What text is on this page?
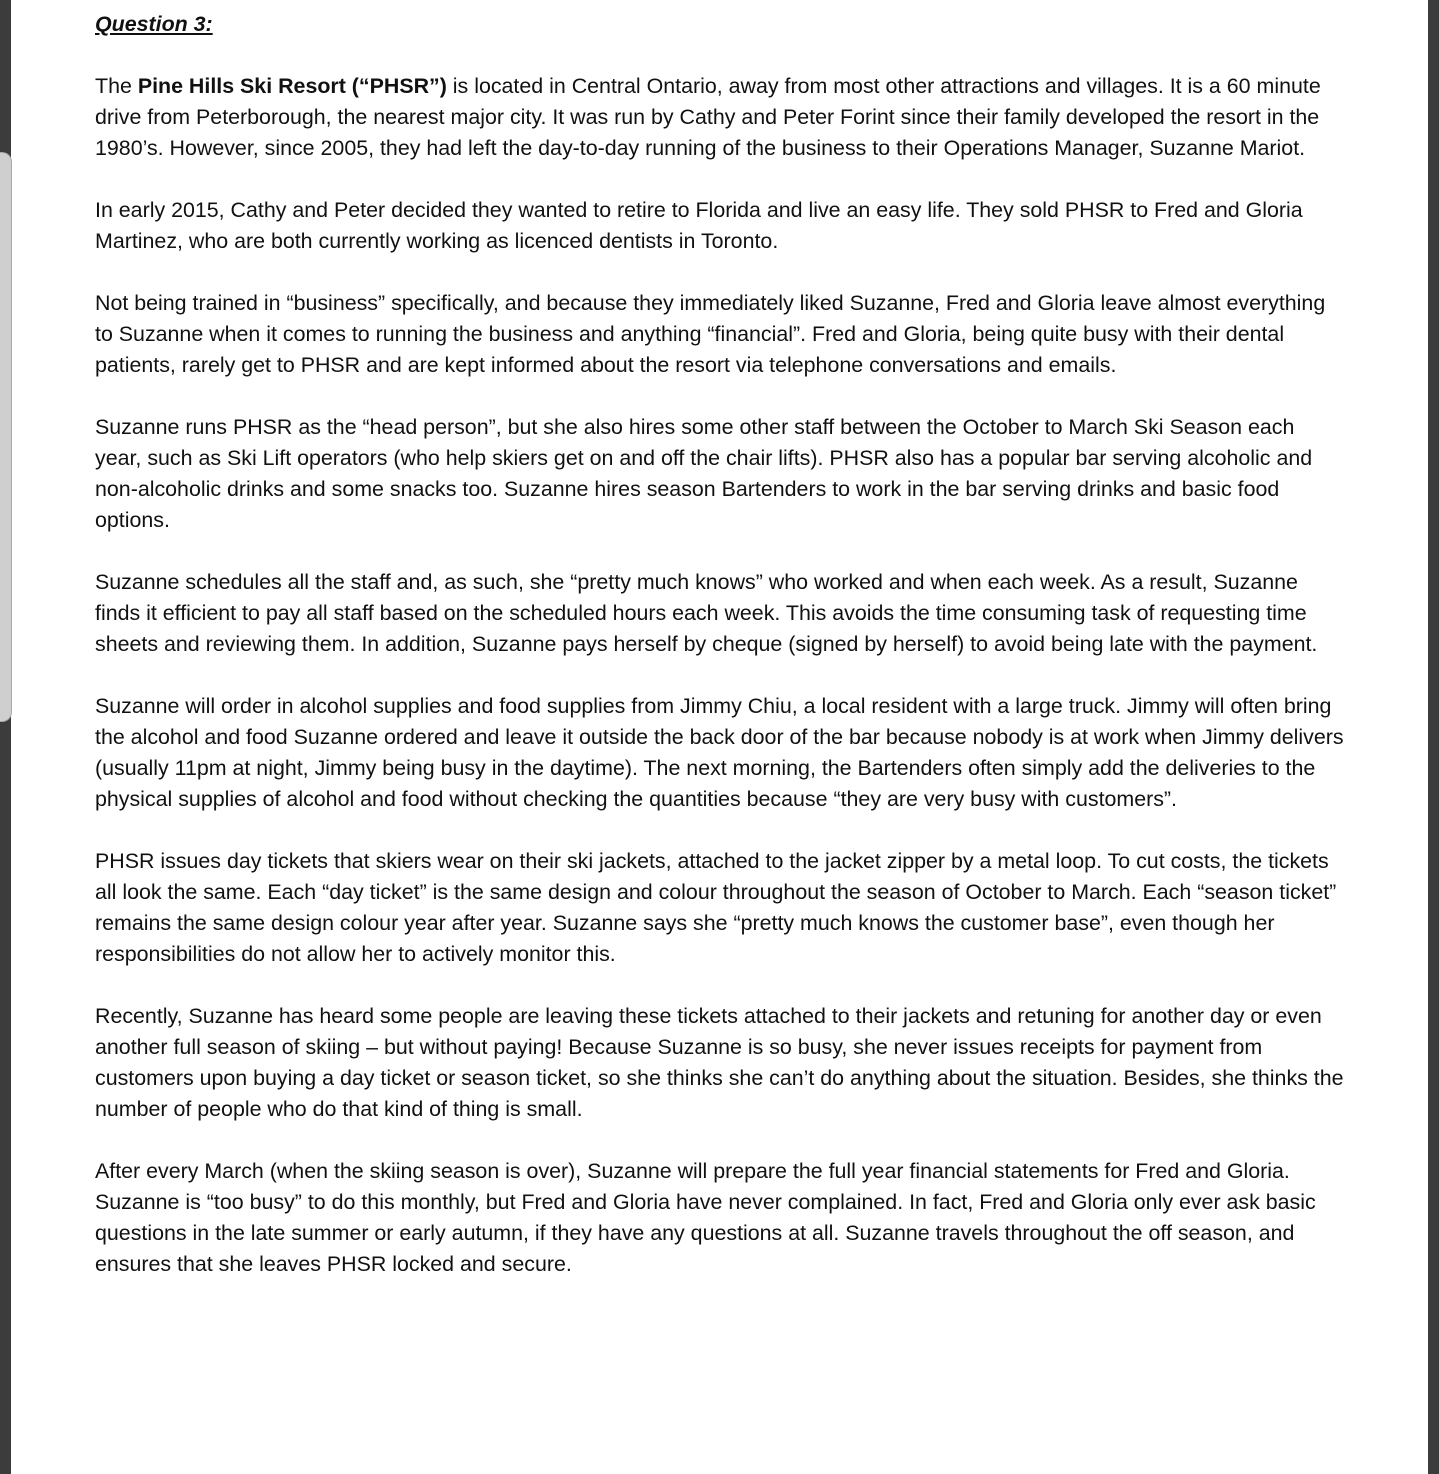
Question 3:
The Pine Hills Ski Resort (“PHSR”) is located in Central Ontario, away from most other attractions and villages. It is a 60 minute drive from Peterborough, the nearest major city. It was run by Cathy and Peter Forint since their family developed the resort in the 1980’s. However, since 2005, they had left the day-to-day running of the business to their Operations Manager, Suzanne Mariot.
In early 2015, Cathy and Peter decided they wanted to retire to Florida and live an easy life. They sold PHSR to Fred and Gloria Martinez, who are both currently working as licenced dentists in Toronto.
Not being trained in “business” specifically, and because they immediately liked Suzanne, Fred and Gloria leave almost everything to Suzanne when it comes to running the business and anything “financial”. Fred and Gloria, being quite busy with their dental patients, rarely get to PHSR and are kept informed about the resort via telephone conversations and emails.
Suzanne runs PHSR as the “head person”, but she also hires some other staff between the October to March Ski Season each year, such as Ski Lift operators (who help skiers get on and off the chair lifts). PHSR also has a popular bar serving alcoholic and non-alcoholic drinks and some snacks too. Suzanne hires season Bartenders to work in the bar serving drinks and basic food options.
Suzanne schedules all the staff and, as such, she “pretty much knows” who worked and when each week. As a result, Suzanne finds it efficient to pay all staff based on the scheduled hours each week. This avoids the time consuming task of requesting time sheets and reviewing them. In addition, Suzanne pays herself by cheque (signed by herself) to avoid being late with the payment.
Suzanne will order in alcohol supplies and food supplies from Jimmy Chiu, a local resident with a large truck. Jimmy will often bring the alcohol and food Suzanne ordered and leave it outside the back door of the bar because nobody is at work when Jimmy delivers (usually 11pm at night, Jimmy being busy in the daytime). The next morning, the Bartenders often simply add the deliveries to the physical supplies of alcohol and food without checking the quantities because “they are very busy with customers”.
PHSR issues day tickets that skiers wear on their ski jackets, attached to the jacket zipper by a metal loop. To cut costs, the tickets all look the same. Each “day ticket” is the same design and colour throughout the season of October to March. Each “season ticket” remains the same design colour year after year. Suzanne says she “pretty much knows the customer base”, even though her responsibilities do not allow her to actively monitor this.
Recently, Suzanne has heard some people are leaving these tickets attached to their jackets and retuning for another day or even another full season of skiing – but without paying! Because Suzanne is so busy, she never issues receipts for payment from customers upon buying a day ticket or season ticket, so she thinks she can’t do anything about the situation. Besides, she thinks the number of people who do that kind of thing is small.
After every March (when the skiing season is over), Suzanne will prepare the full year financial statements for Fred and Gloria. Suzanne is “too busy” to do this monthly, but Fred and Gloria have never complained. In fact, Fred and Gloria only ever ask basic questions in the late summer or early autumn, if they have any questions at all. Suzanne travels throughout the off season, and ensures that she leaves PHSR locked and secure.
